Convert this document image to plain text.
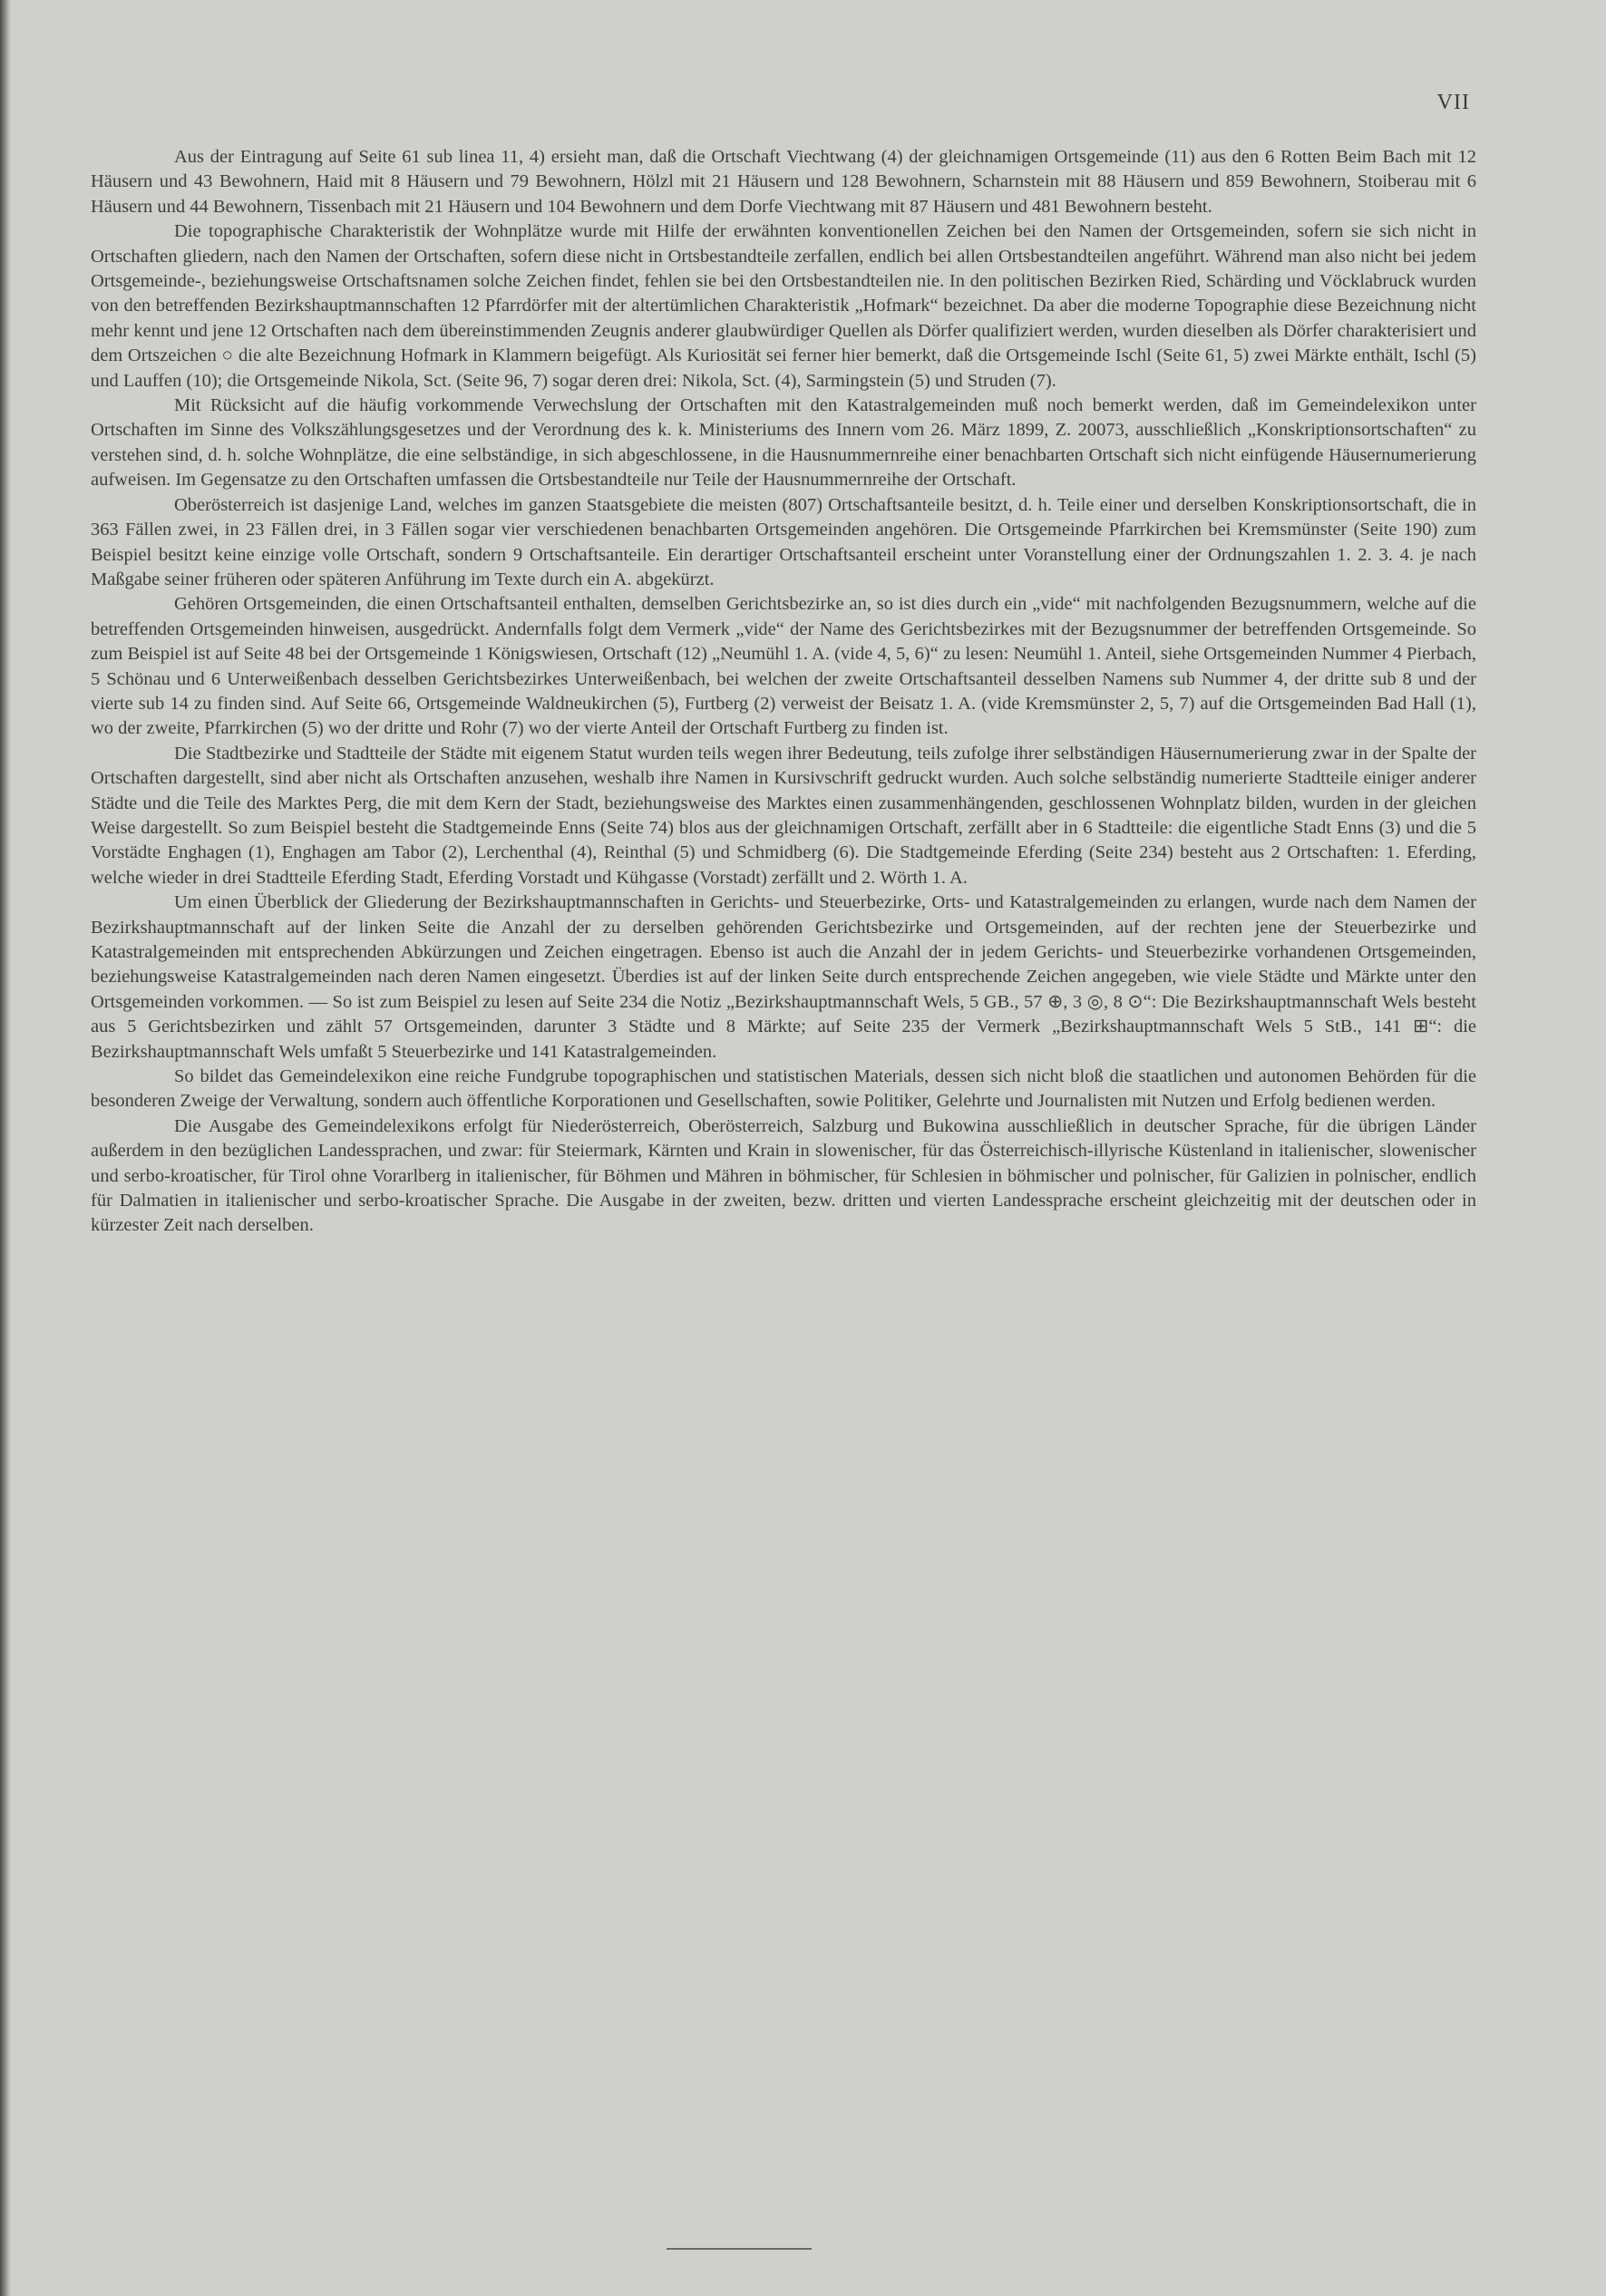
VII

Aus der Eintragung auf Seite 61 sub linea 11, 4) ersieht man, daß die Ortschaft Viechtwang (4) der gleichnamigen Ortsgemeinde (11) aus den 6 Rotten Beim Bach mit 12 Häusern und 43 Bewohnern, Haid mit 8 Häusern und 79 Bewohnern, Hölzl mit 21 Häusern und 128 Bewohnern, Scharnstein mit 88 Häusern und 859 Bewohnern, Stoiberau mit 6 Häusern und 44 Bewohnern, Tissenbach mit 21 Häusern und 104 Bewohnern und dem Dorfe Viechtwang mit 87 Häusern und 481 Bewohnern besteht.

Die topographische Charakteristik der Wohnplätze wurde mit Hilfe der erwähnten konventionellen Zeichen bei den Namen der Ortsgemeinden, sofern sie sich nicht in Ortschaften gliedern, nach den Namen der Ortschaften, sofern diese nicht in Ortsbestandteile zerfallen, endlich bei allen Ortsbestandteilen angeführt. Während man also nicht bei jedem Ortsgemeinde-, beziehungsweise Ortschaftsnamen solche Zeichen findet, fehlen sie bei den Ortsbestandteilen nie. In den politischen Bezirken Ried, Schärding und Vöcklabruck wurden von den betreffenden Bezirkshauptmannschaften 12 Pfarrdörfer mit der altertümlichen Charakteristik „Hofmark“ bezeichnet. Da aber die moderne Topographie diese Bezeichnung nicht mehr kennt und jene 12 Ortschaften nach dem übereinstimmenden Zeugnis anderer glaubwürdiger Quellen als Dörfer qualifiziert werden, wurden dieselben als Dörfer charakterisiert und dem Ortszeichen ○ die alte Bezeichnung Hofmark in Klammern beigefügt. Als Kuriosität sei ferner hier bemerkt, daß die Ortsgemeinde Ischl (Seite 61, 5) zwei Märkte enthält, Ischl (5) und Lauffen (10); die Ortsgemeinde Nikola, Sct. (Seite 96, 7) sogar deren drei: Nikola, Sct. (4), Sarmingstein (5) und Struden (7).

Mit Rücksicht auf die häufig vorkommende Verwechslung der Ortschaften mit den Katastralgemeinden muß noch bemerkt werden, daß im Gemeindelexikon unter Ortschaften im Sinne des Volkszählungsgesetzes und der Verordnung des k. k. Ministeriums des Innern vom 26. März 1899, Z. 20073, ausschließlich „Konskriptionsortschaften“ zu verstehen sind, d. h. solche Wohnplätze, die eine selbständige, in sich abgeschlossene, in die Hausnummernreihe einer benachbarten Ortschaft sich nicht einfügende Häusernumerierung aufweisen. Im Gegensatze zu den Ortschaften umfassen die Ortsbestandteile nur Teile der Hausnummernreihe der Ortschaft.

Oberösterreich ist dasjenige Land, welches im ganzen Staatsgebiete die meisten (807) Ortschaftsanteile besitzt, d. h. Teile einer und derselben Konskriptionsortschaft, die in 363 Fällen zwei, in 23 Fällen drei, in 3 Fällen sogar vier verschiedenen benachbarten Ortsgemeinden angehören. Die Ortsgemeinde Pfarrkirchen bei Kremsmünster (Seite 190) zum Beispiel besitzt keine einzige volle Ortschaft, sondern 9 Ortschaftsanteile. Ein derartiger Ortschaftsanteil erscheint unter Voranstellung einer der Ordnungszahlen 1. 2. 3. 4. je nach Maßgabe seiner früheren oder späteren Anführung im Texte durch ein A. abgekürzt.

Gehören Ortsgemeinden, die einen Ortschaftsanteil enthalten, demselben Gerichtsbezirke an, so ist dies durch ein „vide“ mit nachfolgenden Bezugsnummern, welche auf die betreffenden Ortsgemeinden hinweisen, ausgedrückt. Andernfalls folgt dem Vermerk „vide“ der Name des Gerichtsbezirkes mit der Bezugsnummer der betreffenden Ortsgemeinde. So zum Beispiel ist auf Seite 48 bei der Ortsgemeinde 1 Königswiesen, Ortschaft (12) „Neumühl 1. A. (vide 4, 5, 6)“ zu lesen: Neumühl 1. Anteil, siehe Ortsgemeinden Nummer 4 Pierbach, 5 Schönau und 6 Unterweißenbach desselben Gerichtsbezirkes Unterweißenbach, bei welchen der zweite Ortschaftsanteil desselben Namens sub Nummer 4, der dritte sub 8 und der vierte sub 14 zu finden sind. Auf Seite 66, Ortsgemeinde Waldneukirchen (5), Furtberg (2) verweist der Beisatz 1. A. (vide Kremsmünster 2, 5, 7) auf die Ortsgemeinden Bad Hall (1), wo der zweite, Pfarrkirchen (5) wo der dritte und Rohr (7) wo der vierte Anteil der Ortschaft Furtberg zu finden ist.

Die Stadtbezirke und Stadtteile der Städte mit eigenem Statut wurden teils wegen ihrer Bedeutung, teils zufolge ihrer selbständigen Häusernumerierung zwar in der Spalte der Ortschaften dargestellt, sind aber nicht als Ortschaften anzusehen, weshalb ihre Namen in Kursivschrift gedruckt wurden. Auch solche selbständig numerierte Stadtteile einiger anderer Städte und die Teile des Marktes Perg, die mit dem Kern der Stadt, beziehungsweise des Marktes einen zusammenhängenden, geschlossenen Wohnplatz bilden, wurden in der gleichen Weise dargestellt. So zum Beispiel besteht die Stadtgemeinde Enns (Seite 74) blos aus der gleichnamigen Ortschaft, zerfällt aber in 6 Stadtteile: die eigentliche Stadt Enns (3) und die 5 Vorstädte Enghagen (1), Enghagen am Tabor (2), Lerchenthal (4), Reinthal (5) und Schmidberg (6). Die Stadtgemeinde Eferding (Seite 234) besteht aus 2 Ortschaften: 1. Eferding, welche wieder in drei Stadtteile Eferding Stadt, Eferding Vorstadt und Kühgasse (Vorstadt) zerfällt und 2. Wörth 1. A.

Um einen Überblick der Gliederung der Bezirkshauptmannschaften in Gerichts- und Steuerbezirke, Orts- und Katastralgemeinden zu erlangen, wurde nach dem Namen der Bezirkshauptmannschaft auf der linken Seite die Anzahl der zu derselben gehörenden Gerichtsbezirke und Ortsgemeinden, auf der rechten jene der Steuerbezirke und Katastralgemeinden mit entsprechenden Abkürzungen und Zeichen eingetragen. Ebenso ist auch die Anzahl der in jedem Gerichts- und Steuerbezirke vorhandenen Ortsgemeinden, beziehungsweise Katastralgemeinden nach deren Namen eingesetzt. Überdies ist auf der linken Seite durch entsprechende Zeichen angegeben, wie viele Städte und Märkte unter den Ortsgemeinden vorkommen. — So ist zum Beispiel zu lesen auf Seite 234 die Notiz „Bezirkshauptmannschaft Wels, 5 GB., 57 ⊕, 3 ◎, 8 ⊙“: Die Bezirkshauptmannschaft Wels besteht aus 5 Gerichtsbezirken und zählt 57 Ortsgemeinden, darunter 3 Städte und 8 Märkte; auf Seite 235 der Vermerk „Bezirkshauptmannschaft Wels 5 StB., 141 ⊞“: die Bezirkshauptmannschaft Wels umfaßt 5 Steuerbezirke und 141 Katastralgemeinden.

So bildet das Gemeindelexikon eine reiche Fundgrube topographischen und statistischen Materials, dessen sich nicht bloß die staatlichen und autonomen Behörden für die besonderen Zweige der Verwaltung, sondern auch öffentliche Korporationen und Gesellschaften, sowie Politiker, Gelehrte und Journalisten mit Nutzen und Erfolg bedienen werden.

Die Ausgabe des Gemeindelexikons erfolgt für Niederösterreich, Oberösterreich, Salzburg und Bukowina ausschließlich in deutscher Sprache, für die übrigen Länder außerdem in den bezüglichen Landessprachen, und zwar: für Steiermark, Kärnten und Krain in slowenischer, für das Österreichisch-illyrische Küstenland in italienischer, slowenischer und serbo-kroatischer, für Tirol ohne Vorarlberg in italienischer, für Böhmen und Mähren in böhmischer, für Schlesien in böhmischer und polnischer, für Galizien in polnischer, endlich für Dalmatien in italienischer und serbo-kroatischer Sprache. Die Ausgabe in der zweiten, bezw. dritten und vierten Landessprache erscheint gleichzeitig mit der deutschen oder in kürzester Zeit nach derselben.
